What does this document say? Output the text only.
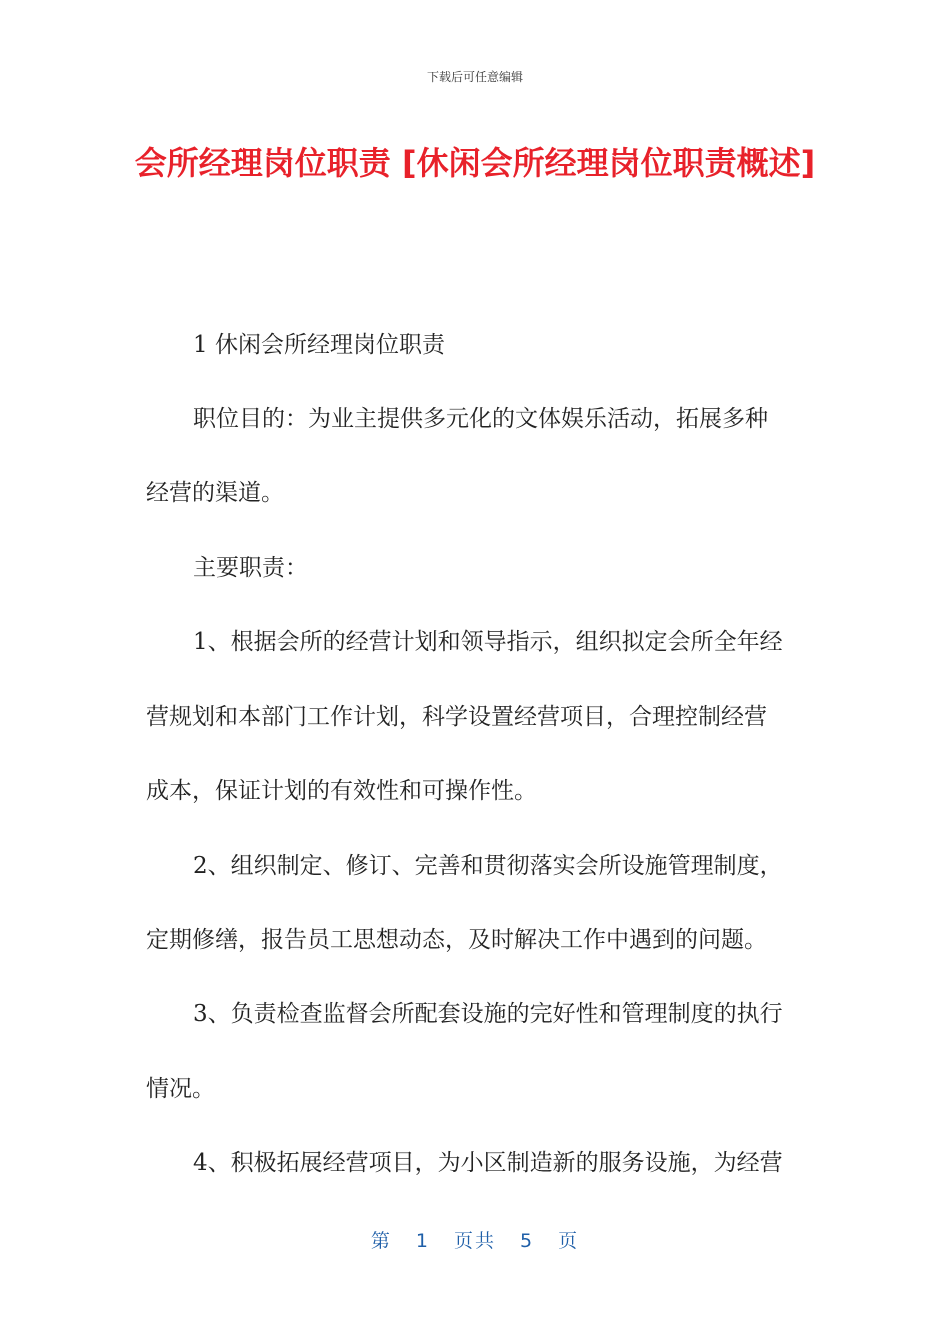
下载后可任意编辑
会所经理岗位职责 [休闲会所经理岗位职责概述]
1 休闲会所经理岗位职责
职位目的：为业主提供多元化的文体娱乐活动，拓展多种
经营的渠道。
主要职责：
1、根据会所的经营计划和领导指示，组织拟定会所全年经
营规划和本部门工作计划，科学设置经营项目，合理控制经营
成本，保证计划的有效性和可操作性。
2、组织制定、修订、完善和贯彻落实会所设施管理制度，
定期修缮，报告员工思想动态，及时解决工作中遇到的问题。
3、负责检查监督会所配套设施的完好性和管理制度的执行
情况。
4、积极拓展经营项目，为小区制造新的服务设施，为经营
第 1 页共 5 页
